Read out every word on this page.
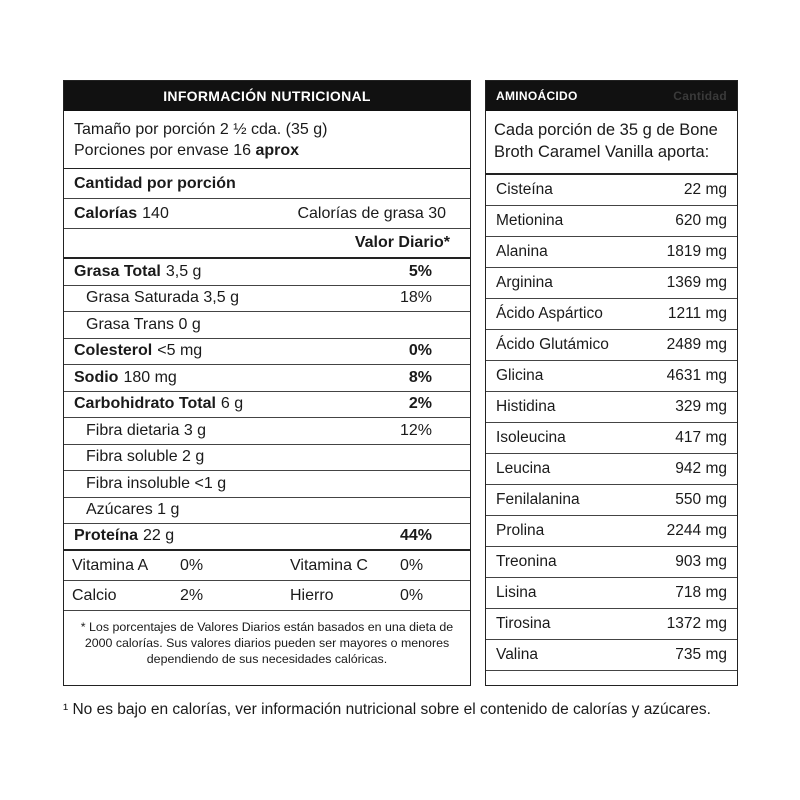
INFORMACIÓN NUTRICIONAL
Tamaño por porción 2 ½ cda. (35 g)
Porciones por envase 16 aprox
Cantidad por porción
Calorías 140	Calorías de grasa 30
Valor Diario*
Grasa Total 3,5 g	5%
Grasa Saturada 3,5 g	18%
Grasa Trans 0 g
Colesterol <5 mg	0%
Sodio 180 mg	8%
Carbohidrato Total 6 g	2%
Fibra dietaria 3 g	12%
Fibra soluble 2 g
Fibra insoluble <1 g
Azúcares 1 g
Proteína 22 g	44%
Vitamina A 0%	Vitamina C 0%
Calcio	2%	Hierro	0%
* Los porcentajes de Valores Diarios están basados en una dieta de 2000 calorías. Sus valores diarios pueden ser mayores o menores dependiendo de sus necesidades calóricas.
AMINOÁCIDO	Cantidad
Cada porción de 35 g de Bone Broth Caramel Vanilla aporta:
Cisteína	22 mg
Metionina	620 mg
Alanina	1819 mg
Arginina	1369 mg
Ácido Aspártico	1211 mg
Ácido Glutámico	2489 mg
Glicina	4631 mg
Histidina	329 mg
Isoleucina	417 mg
Leucina	942 mg
Fenilalanina	550 mg
Prolina	2244 mg
Treonina	903 mg
Lisina	718 mg
Tirosina	1372 mg
Valina	735 mg
¹ No es bajo en calorías, ver información nutricional sobre el contenido de calorías y azúcares.
